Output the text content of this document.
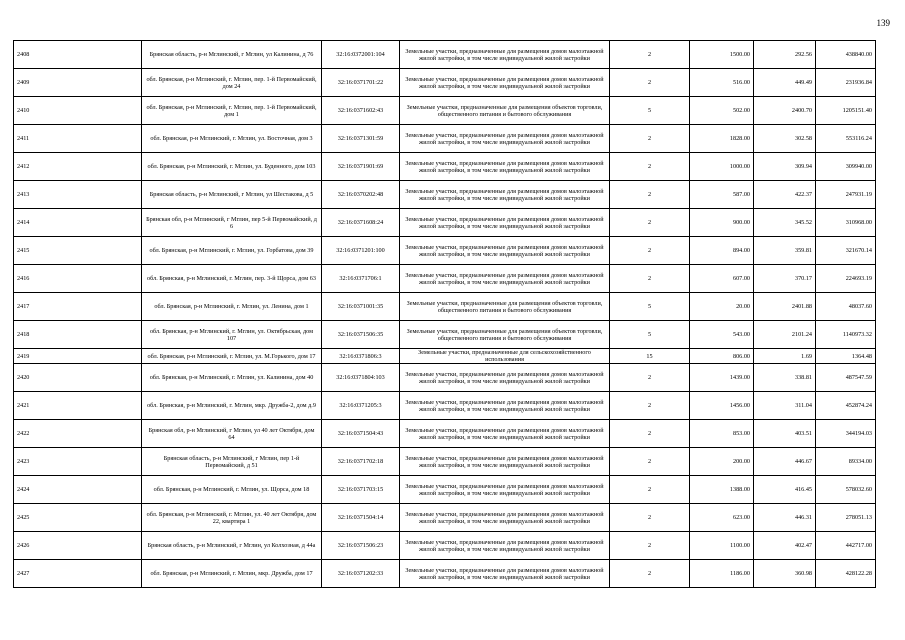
139
2408	Брянская область, р-н Мглинский, г Мглин, ул Калинина, д 76	32:16:0372001:104	Земельные участки, предназначенные для размещения домов малоэтажной жилой застройки, в том числе индивидуальной жилой застройки	2	1500.00	292.56	438840.00
2409	обл. Брянская, р-н Мглинский, г. Мглин, пер. 1-й Первомайский, дом 24	32:16:0371701:22	Земельные участки, предназначенные для размещения домов малоэтажной жилой застройки, в том числе индивидуальной жилой застройки	2	516.00	449.49	231936.84
2410	обл. Брянская, р-н Мглинский, г. Мглин, пер. 1-й Первомайский, дом 1	32:16:0371602:43	Земельные участки, предназначенные для размещения объектов торговли, общественного питания и бытового обслуживания	5	502.00	2400.70	1205151.40
2411	обл. Брянская, р-н Мглинский, г. Мглин, ул. Восточная, дом 3	32:16:0371301:59	Земельные участки, предназначенные для размещения домов малоэтажной жилой застройки, в том числе индивидуальной жилой застройки	2	1828.00	302.58	553116.24
2412	обл. Брянская, р-н Мглинский, г. Мглин, ул. Буденного, дом 103	32:16:0371901:69	Земельные участки, предназначенные для размещения домов малоэтажной жилой застройки, в том числе индивидуальной жилой застройки	2	1000.00	309.94	309940.00
2413	Брянская область, р-н Мглинский, г Мглин, ул Шестакова, д 5	32:16:0370202:48	Земельные участки, предназначенные для размещения домов малоэтажной жилой застройки, в том числе индивидуальной жилой застройки	2	587.00	422.37	247931.19
2414	Брянская обл, р-н Мглинский, г Мглин, пер 5-й Первомайский, д 6	32:16:0371608:24	Земельные участки, предназначенные для размещения домов малоэтажной жилой застройки, в том числе индивидуальной жилой застройки	2	900.00	345.52	310968.00
2415	обл. Брянская, р-н Мглинский, г. Мглин, ул. Горбатова, дом 39	32:16:0371201:100	Земельные участки, предназначенные для размещения домов малоэтажной жилой застройки, в том числе индивидуальной жилой застройки	2	894.00	359.81	321670.14
2416	обл. Брянская, р-н Мглинский, г. Мглин, пер. 3-й Щорса, дом 63	32:16:0371706:1	Земельные участки, предназначенные для размещения домов малоэтажной жилой застройки, в том числе индивидуальной жилой застройки	2	607.00	370.17	224693.19
2417	обл. Брянская, р-н Мглинский, г. Мглин, ул. Ленина, дом 1	32:16:0371001:35	Земельные участки, предназначенные для размещения объектов торговли, общественного питания и бытового обслуживания	5	20.00	2401.88	48037.60
2418	обл. Брянская, р-н Мглинский, г. Мглин, ул. Октябрьская, дом 107	32:16:0371506:35	Земельные участки, предназначенные для размещения объектов торговли, общественного питания и бытового обслуживания	5	543.00	2101.24	1140973.32
2419	обл. Брянская, р-н Мглинский, г. Мглин, ул. М.Горького, дом 17	32:16:0371806:3	Земельные участки, предназначенные для сельскохозяйственного использования	15	806.00	1.69	1364.48
2420	обл. Брянская, р-н Мглинский, г. Мглин, ул. Калинина, дом 40	32:16:0371804:103	Земельные участки, предназначенные для размещения домов малоэтажной жилой застройки, в том числе индивидуальной жилой застройки	2	1439.00	338.81	487547.59
2421	обл. Брянская, р-н Мглинский, г. Мглин, мкр. Дружба-2, дом д.9	32:16:0371205:3	Земельные участки, предназначенные для размещения домов малоэтажной жилой застройки, в том числе индивидуальной жилой застройки	2	1456.00	311.04	452874.24
2422	Брянская обл, р-н Мглинский, г Мглин, ул 40 лет Октября, дом 64	32:16:0371504:43	Земельные участки, предназначенные для размещения домов малоэтажной жилой застройки, в том числе индивидуальной жилой застройки	2	853.00	403.51	344194.03
2423	Брянская область, р-н Мглинский, г Мглин, пер 1-й Первомайский, д 51	32:16:0371702:18	Земельные участки, предназначенные для размещения домов малоэтажной жилой застройки, в том числе индивидуальной жилой застройки	2	200.00	446.67	89334.00
2424	обл. Брянская, р-н Мглинский, г. Мглин, ул. Щорса, дом 18	32:16:0371703:15	Земельные участки, предназначенные для размещения домов малоэтажной жилой застройки, в том числе индивидуальной жилой застройки	2	1388.00	416.45	578032.60
2425	обл. Брянская, р-н Мглинский, г. Мглин, ул. 40 лет Октября, дом 22, квартира 1	32:16:0371504:14	Земельные участки, предназначенные для размещения домов малоэтажной жилой застройки, в том числе индивидуальной жилой застройки	2	623.00	446.31	278051.13
2426	Брянская область, р-н Мглинский, г Мглин, ул Колхозная, д 44а	32:16:0371506:23	Земельные участки, предназначенные для размещения домов малоэтажной жилой застройки, в том числе индивидуальной жилой застройки	2	1100.00	402.47	442717.00
2427	обл. Брянская, р-н Мглинский, г. Мглин, мкр. Дружба, дом 17	32:16:0371202:33	Земельные участки, предназначенные для размещения домов малоэтажной жилой застройки, в том числе индивидуальной жилой застройки	2	1186.00	360.98	428122.28
